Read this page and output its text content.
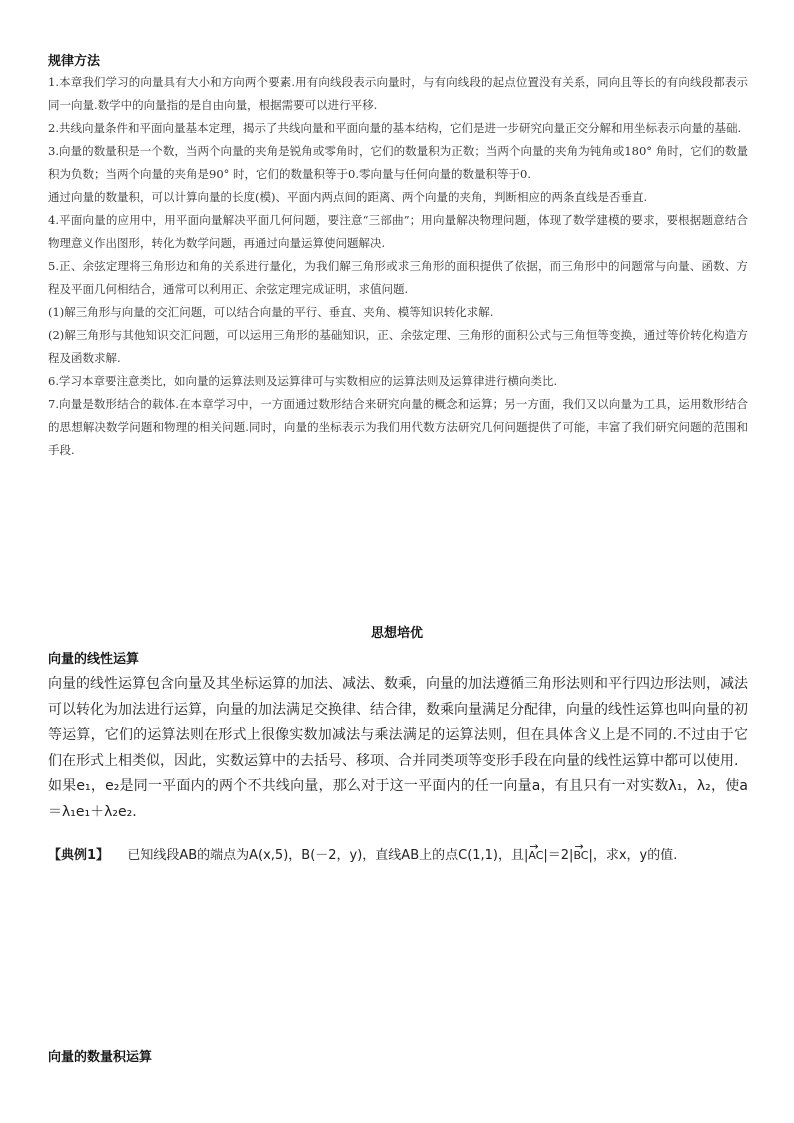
规律方法

1.本章我们学习的向量具有大小和方向两个要素.用有向线段表示向量时，与有向线段的起点位置没有关系，同向且等长的有向线段都表示同一向量.数学中的向量指的是自由向量，根据需要可以进行平移.

2.共线向量条件和平面向量基本定理，揭示了共线向量和平面向量的基本结构，它们是进一步研究向量正交分解和用坐标表示向量的基础.

3.向量的数量积是一个数，当两个向量的夹角是锐角或零角时，它们的数量积为正数；当两个向量的夹角为钝角或180° 角时，它们的数量积为负数；当两个向量的夹角是90° 时，它们的数量积等于0.零向量与任何向量的数量积等于0.

通过向量的数量积，可以计算向量的长度(模)、平面内两点间的距离、两个向量的夹角，判断相应的两条直线是否垂直.

4.平面向量的应用中，用平面向量解决平面几何问题，要注意“三部曲”；用向量解决物理问题，体现了数学建模的要求，要根据题意结合物理意义作出图形，转化为数学问题，再通过向量运算使问题解决.

5.正、余弦定理将三角形边和角的关系进行量化，为我们解三角形或求三角形的面积提供了依据，而三角形中的问题常与向量、函数、方程及平面几何相结合，通常可以利用正、余弦定理完成证明，求值问题.

(1)解三角形与向量的交汇问题，可以结合向量的平行、垂直、夹角、模等知识转化求解.

(2)解三角形与其他知识交汇问题，可以运用三角形的基础知识，正、余弦定理、三角形的面积公式与三角恒等变换，通过等价转化构造方程及函数求解.

6.学习本章要注意类比，如向量的运算法则及运算律可与实数相应的运算法则及运算律进行横向类比.

7.向量是数形结合的载体.在本章学习中，一方面通过数形结合来研究向量的概念和运算；另一方面，我们又以向量为工具，运用数形结合的思想解决数学问题和物理的相关问题.同时，向量的坐标表示为我们用代数方法研究几何问题提供了可能，丰富了我们研究问题的范围和手段.

思想培优
向量的线性运算

向量的线性运算包含向量及其坐标运算的加法、减法、数乘，向量的加法遵循三角形法则和平行四边形法则，减法可以转化为加法进行运算，向量的加法满足交换律、结合律，数乘向量满足分配律，向量的线性运算也叫向量的初等运算，它们的运算法则在形式上很像实数加减法与乘法满足的运算法则，但在具体含义上是不同的.不过由于它们在形式上相类似，因此，实数运算中的去括号、移项、合并同类项等变形手段在向量的线性运算中都可以使用.

如果e₁，e₂是同一平面内的两个不共线向量，那么对于这一平面内的任一向量a，有且只有一对实数λ₁，λ₂，使a＝λ₁e₁＋λ₂e₂.

【典例1】 已知线段AB的端点为A(x,5)，B(－2，y)，直线AB上的点C(1,1)，且|→ AC|＝2|→ BC|，求x，y的值.
向量的数量积运算
